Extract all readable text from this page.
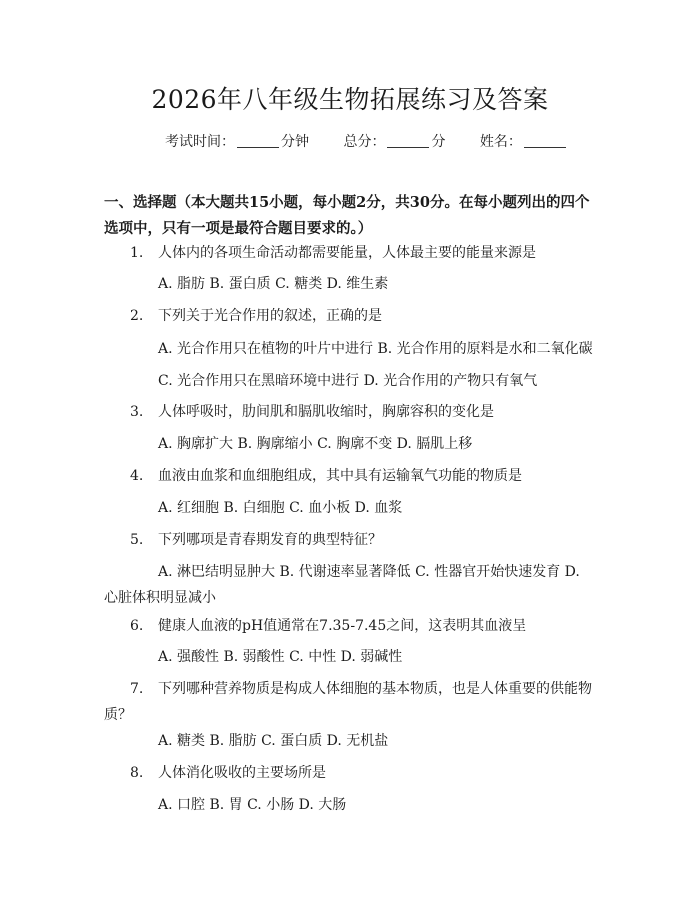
2026年八年级生物拓展练习及答案
考试时间：	分钟 总分：	分 姓名：
一、选择题（本大题共15小题，每小题2分，共30分。在每小题列出的四个选项中，只有一项是最符合题目要求的。）
1. 人体内的各项生命活动都需要能量，人体最主要的能量来源是
A. 脂肪 B. 蛋白质 C. 糖类 D. 维生素
2. 下列关于光合作用的叙述，正确的是
A. 光合作用只在植物的叶片中进行 B. 光合作用的原料是水和二氧化碳
C. 光合作用只在黑暗环境中进行 D. 光合作用的产物只有氧气
3. 人体呼吸时，肋间肌和膈肌收缩时，胸廓容积的变化是
A. 胸廓扩大 B. 胸廓缩小 C. 胸廓不变 D. 膈肌上移
4. 血液由血浆和血细胞组成，其中具有运输氧气功能的物质是
A. 红细胞 B. 白细胞 C. 血小板 D. 血浆
5. 下列哪项是青春期发育的典型特征？
A. 淋巴结明显肿大 B. 代谢速率显著降低 C. 性器官开始快速发育 D. 心脏体积明显减小
6. 健康人血液的pH值通常在7.35-7.45之间，这表明其血液呈
A. 强酸性 B. 弱酸性 C. 中性 D. 弱碱性
7. 下列哪种营养物质是构成人体细胞的基本物质，也是人体重要的供能物质？
A. 糖类 B. 脂肪 C. 蛋白质 D. 无机盐
8. 人体消化吸收的主要场所是
A. 口腔 B. 胃 C. 小肠 D. 大肠
